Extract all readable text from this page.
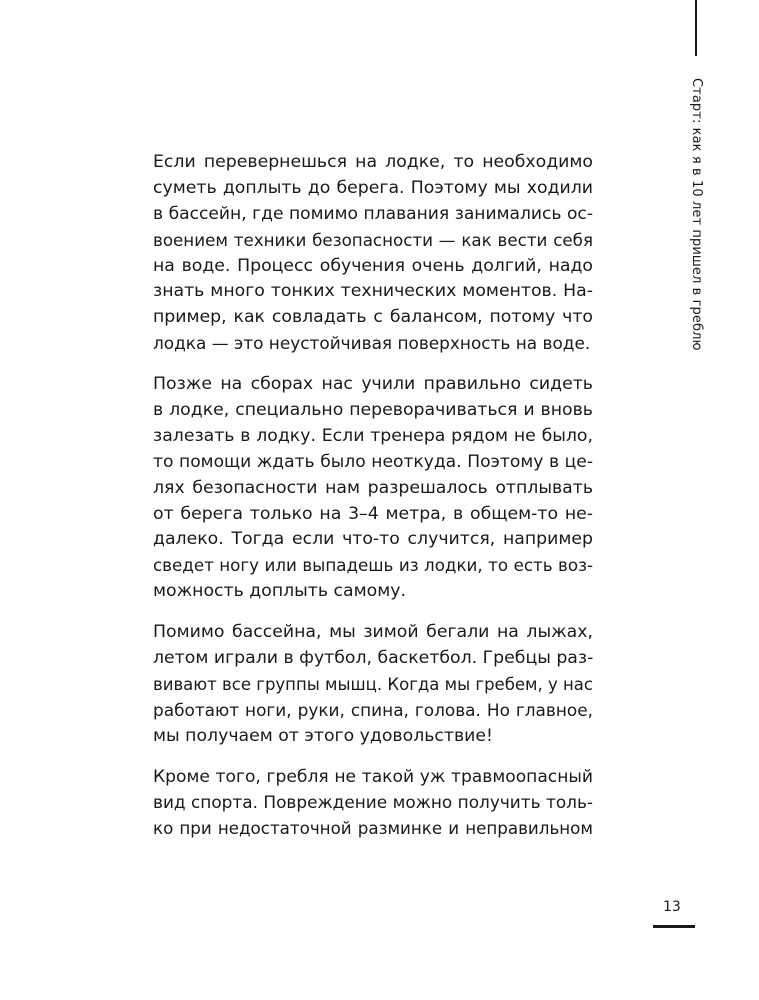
Старт: как я в 10 лет пришел в греблю

Если перевернешься на лодке, то необходимо
суметь доплыть до берега. Поэтому мы ходили
в бассейн, где помимо плавания занимались ос-
воением техники безопасности — как вести себя
на воде. Процесс обучения очень долгий, надо
знать много тонких технических моментов. На-
пример, как совладать с балансом, потому что
лодка — это неустойчивая поверхность на воде.

Позже на сборах нас учили правильно сидеть
в лодке, специально переворачиваться и вновь
залезать в лодку. Если тренера рядом не было,
то помощи ждать было неоткуда. Поэтому в це-
лях безопасности нам разрешалось отплывать
от берега только на 3–4 метра, в общем-то не-
далеко. Тогда если что-то случится, например
сведет ногу или выпадешь из лодки, то есть воз-
можность доплыть самому.

Помимо бассейна, мы зимой бегали на лыжах,
летом играли в футбол, баскетбол. Гребцы раз-
вивают все группы мышц. Когда мы гребем, у нас
работают ноги, руки, спина, голова. Но главное,
мы получаем от этого удовольствие!

Кроме того, гребля не такой уж травмоопасный
вид спорта. Повреждение можно получить толь-
ко при недостаточной разминке и неправильном

13
